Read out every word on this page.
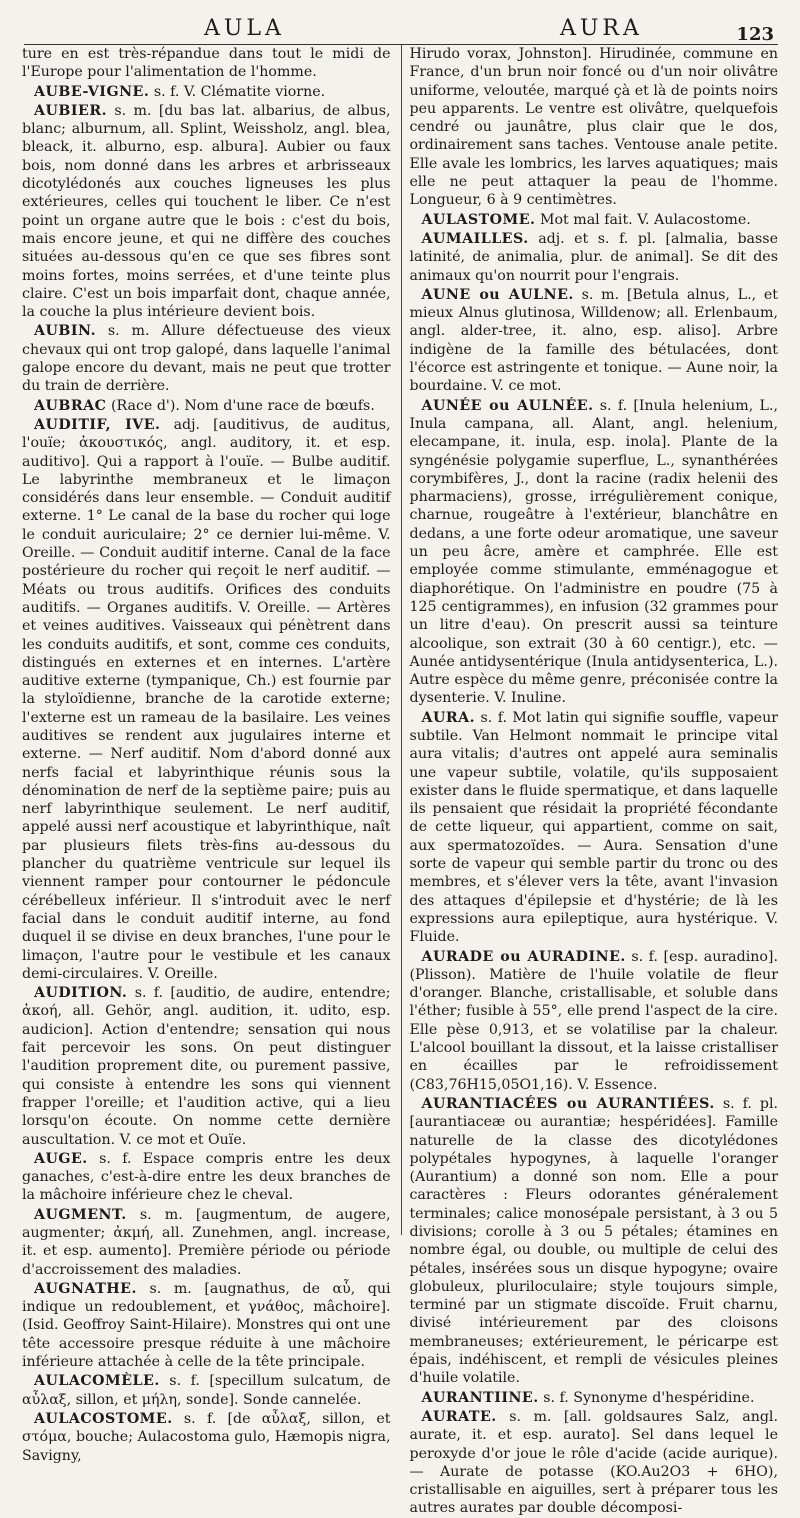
AULA	AURA	123

ture en est très-répandue dans tout le midi de l'Europe pour l'alimentation de l'homme.

AUBE-VIGNE. s. f. V. Clématite viorne.

AUBIER. s. m. [du bas lat. albarius, de albus, blanc; alburnum, all. Splint, Weissholz, angl. blea, bleack, it. alburno, esp. albura]. Aubier ou faux bois, nom donné dans les arbres et arbrisseaux dicotylédonés aux couches ligneuses les plus extérieures, celles qui touchent le liber. Ce n'est point un organe autre que le bois : c'est du bois, mais encore jeune, et qui ne diffère des couches situées au-dessous qu'en ce que ses fibres sont moins fortes, moins serrées, et d'une teinte plus claire. C'est un bois imparfait dont, chaque année, la couche la plus intérieure devient bois.

AUBIN. s. m. Allure défectueuse des vieux chevaux qui ont trop galopé, dans laquelle l'animal galope encore du devant, mais ne peut que trotter du train de derrière.

AUBRAC (Race d'). Nom d'une race de bœufs.

AUDITIF, IVE. adj. [auditivus, de auditus, l'ouïe; ἀκουστικός, angl. auditory, it. et esp. auditivo]. Qui a rapport à l'ouïe. — Bulbe auditif. Le labyrinthe membraneux et le limaçon considérés dans leur ensemble. — Conduit auditif externe. 1° Le canal de la base du rocher qui loge le conduit auriculaire; 2° ce dernier lui-même. V. Oreille. — Conduit auditif interne. Canal de la face postérieure du rocher qui reçoit le nerf auditif. — Méats ou trous auditifs. Orifices des conduits auditifs. — Organes auditifs. V. Oreille. — Artères et veines auditives. Vaisseaux qui pénètrent dans les conduits auditifs, et sont, comme ces conduits, distingués en externes et en internes. L'artère auditive externe (tympanique, Ch.) est fournie par la styloïdienne, branche de la carotide externe; l'externe est un rameau de la basilaire. Les veines auditives se rendent aux jugulaires interne et externe. — Nerf auditif. Nom d'abord donné aux nerfs facial et labyrinthique réunis sous la dénomination de nerf de la septième paire; puis au nerf labyrinthique seulement. Le nerf auditif, appelé aussi nerf acoustique et labyrinthique, naît par plusieurs filets très-fins au-dessous du plancher du quatrième ventricule sur lequel ils viennent ramper pour contourner le pédoncule cérébelleux inférieur. Il s'introduit avec le nerf facial dans le conduit auditif interne, au fond duquel il se divise en deux branches, l'une pour le limaçon, l'autre pour le vestibule et les canaux demi-circulaires. V. Oreille.

AUDITION. s. f. [auditio, de audire, entendre; ἀκοή, all. Gehör, angl. audition, it. udito, esp. audicion]. Action d'entendre; sensation qui nous fait percevoir les sons. On peut distinguer l'audition proprement dite, ou purement passive, qui consiste à entendre les sons qui viennent frapper l'oreille; et l'audition active, qui a lieu lorsqu'on écoute. On nomme cette dernière auscultation. V. ce mot et Ouïe.

AUGE. s. f. Espace compris entre les deux ganaches, c'est-à-dire entre les deux branches de la mâchoire inférieure chez le cheval.

AUGMENT. s. m. [augmentum, de augere, augmenter; ἀκμή, all. Zunehmen, angl. increase, it. et esp. aumento]. Première période ou période d'accroissement des maladies.

AUGNATHE. s. m. [augnathus, de αὖ, qui indique un redoublement, et γνάθος, mâchoire]. (Isid. Geoffroy Saint-Hilaire). Monstres qui ont une tête accessoire presque réduite à une mâchoire inférieure attachée à celle de la tête principale.

AULACOMÈLE. s. f. [specillum sulcatum, de αὖλαξ, sillon, et μήλη, sonde]. Sonde cannelée.

AULACOSTOME. s. f. [de αὖλαξ, sillon, et στόμα, bouche; Aulacostoma gulo, Hæmopis nigra, Savigny,

Hirudo vorax, Johnston]. Hirudinée, commune en France, d'un brun noir foncé ou d'un noir olivâtre uniforme, veloutée, marqué çà et là de points noirs peu apparents. Le ventre est olivâtre, quelquefois cendré ou jaunâtre, plus clair que le dos, ordinairement sans taches. Ventouse anale petite. Elle avale les lombrics, les larves aquatiques; mais elle ne peut attaquer la peau de l'homme. Longueur, 6 à 9 centimètres.

AULASTOME. Mot mal fait. V. Aulacostome.

AUMAILLES. adj. et s. f. pl. [almalia, basse latinité, de animalia, plur. de animal]. Se dit des animaux qu'on nourrit pour l'engrais.

AUNE ou AULNE. s. m. [Betula alnus, L., et mieux Alnus glutinosa, Willdenow; all. Erlenbaum, angl. alder-tree, it. alno, esp. aliso]. Arbre indigène de la famille des bétulacées, dont l'écorce est astringente et tonique. — Aune noir, la bourdaine. V. ce mot.

AUNÉE ou AULNÉE. s. f. [Inula helenium, L., Inula campana, all. Alant, angl. helenium, elecampane, it. inula, esp. inola]. Plante de la syngénésie polygamie superflue, L., synanthérées corymbifères, J., dont la racine (radix helenii des pharmaciens), grosse, irrégulièrement conique, charnue, rougeâtre à l'extérieur, blanchâtre en dedans, a une forte odeur aromatique, une saveur un peu âcre, amère et camphrée. Elle est employée comme stimulante, emménagogue et diaphorétique. On l'administre en poudre (75 à 125 centigrammes), en infusion (32 grammes pour un litre d'eau). On prescrit aussi sa teinture alcoolique, son extrait (30 à 60 centigr.), etc. — Aunée antidysentérique (Inula antidysenterica, L.). Autre espèce du même genre, préconisée contre la dysenterie. V. Inuline.

AURA. s. f. Mot latin qui signifie souffle, vapeur subtile. Van Helmont nommait le principe vital aura vitalis; d'autres ont appelé aura seminalis une vapeur subtile, volatile, qu'ils supposaient exister dans le fluide spermatique, et dans laquelle ils pensaient que résidait la propriété fécondante de cette liqueur, qui appartient, comme on sait, aux spermatozoïdes. — Aura. Sensation d'une sorte de vapeur qui semble partir du tronc ou des membres, et s'élever vers la tête, avant l'invasion des attaques d'épilepsie et d'hystérie; de là les expressions aura epileptique, aura hystérique. V. Fluide.

AURADE ou AURADINE. s. f. [esp. auradino]. (Plisson). Matière de l'huile volatile de fleur d'oranger. Blanche, cristallisable, et soluble dans l'éther; fusible à 55°, elle prend l'aspect de la cire. Elle pèse 0,913, et se volatilise par la chaleur. L'alcool bouillant la dissout, et la laisse cristalliser en écailles par le refroidissement (C83,76H15,05O1,16). V. Essence.

AURANTIACÉES ou AURANTIÉES. s. f. pl. [aurantiaceæ ou aurantiæ; hespéridées]. Famille naturelle de la classe des dicotylédones polypétales hypogynes, à laquelle l'oranger (Aurantium) a donné son nom. Elle a pour caractères : Fleurs odorantes généralement terminales; calice monosépale persistant, à 3 ou 5 divisions; corolle à 3 ou 5 pétales; étamines en nombre égal, ou double, ou multiple de celui des pétales, insérées sous un disque hypogyne; ovaire globuleux, pluriloculaire; style toujours simple, terminé par un stigmate discoïde. Fruit charnu, divisé intérieurement par des cloisons membraneuses; extérieurement, le péricarpe est épais, indéhiscent, et rempli de vésicules pleines d'huile volatile.

AURANTIINE. s. f. Synonyme d'hespéridine.

AURATE. s. m. [all. goldsaures Salz, angl. aurate, it. et esp. aurato]. Sel dans lequel le peroxyde d'or joue le rôle d'acide (acide aurique). — Aurate de potasse (KO.Au2O3 + 6HO), cristallisable en aiguilles, sert à préparer tous les autres aurates par double décomposi-
